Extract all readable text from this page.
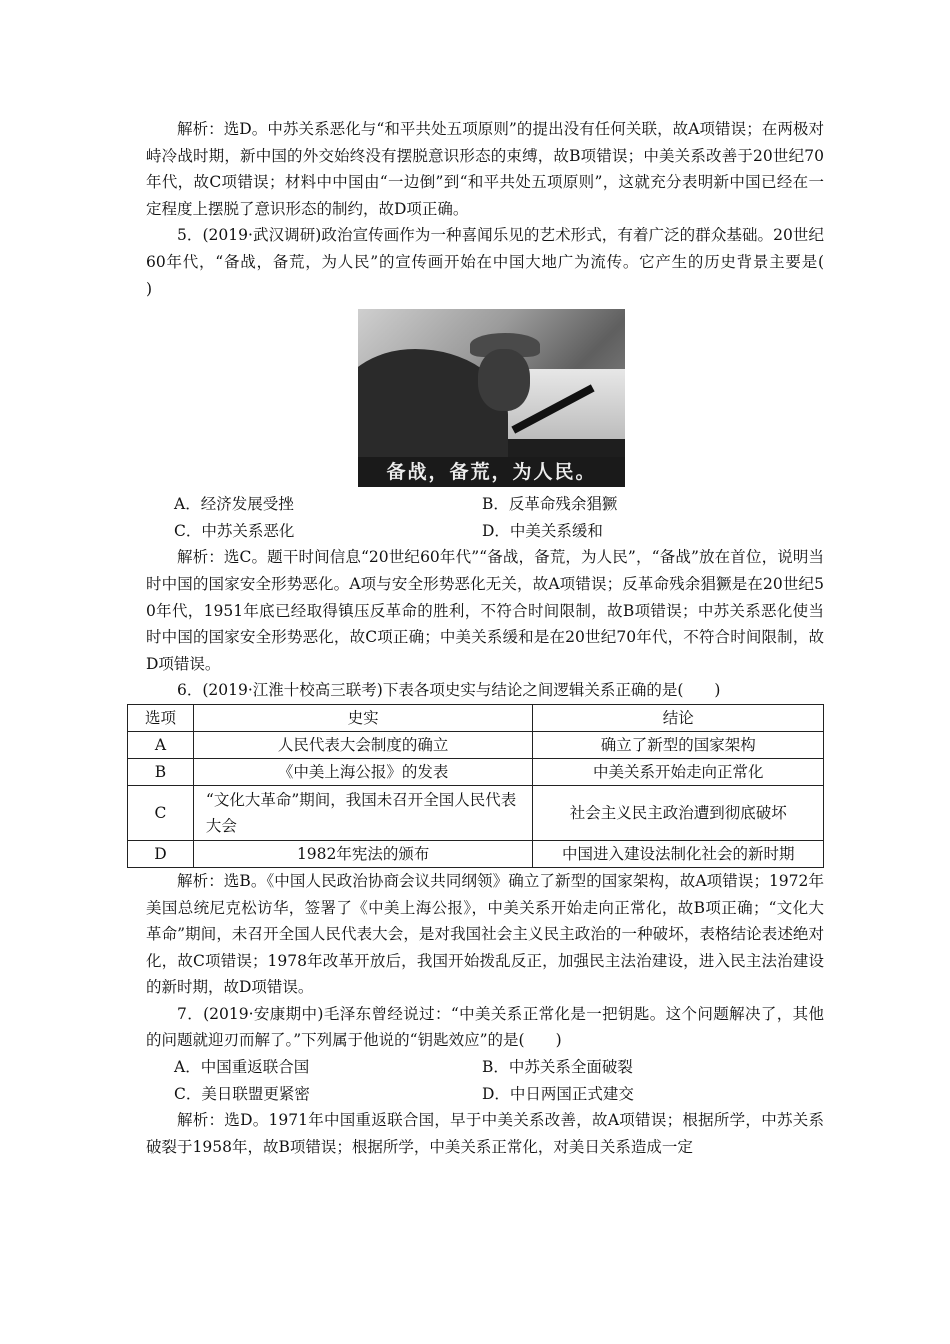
解析：选D。中苏关系恶化与“和平共处五项原则”的提出没有任何关联，故A项错误；在两极对峙冷战时期，新中国的外交始终没有摆脱意识形态的束缚，故B项错误；中美关系改善于20世纪70年代，故C项错误；材料中中国由“一边倒”到“和平共处五项原则”，这就充分表明新中国已经在一定程度上摆脱了意识形态的制约，故D项正确。

5．(2019·武汉调研)政治宣传画作为一种喜闻乐见的艺术形式，有着广泛的群众基础。20世纪60年代，“备战，备荒，为人民”的宣传画开始在中国大地广为流传。它产生的历史背景主要是(　　)

备战，备荒，为人民。
A．经济发展受挫	B．反革命残余猖獗
C．中苏关系恶化	D．中美关系缓和

解析：选C。题干时间信息“20世纪60年代”“备战，备荒，为人民”，“备战”放在首位，说明当时中国的国家安全形势恶化。A项与安全形势恶化无关，故A项错误；反革命残余猖獗是在20世纪50年代，1951年底已经取得镇压反革命的胜利，不符合时间限制，故B项错误；中苏关系恶化使当时中国的国家安全形势恶化，故C项正确；中美关系缓和是在20世纪70年代，不符合时间限制，故D项错误。

6．(2019·江淮十校高三联考)下表各项史实与结论之间逻辑关系正确的是(　　)

选项	史实	结论
A	人民代表大会制度的确立	确立了新型的国家架构
B	《中美上海公报》的发表	中美关系开始走向正常化
C	“文化大革命”期间，我国未召开全国人民代表大会	社会主义民主政治遭到彻底破坏
D	1982年宪法的颁布	中国进入建设法制化社会的新时期

解析：选B。《中国人民政治协商会议共同纲领》确立了新型的国家架构，故A项错误；1972年美国总统尼克松访华，签署了《中美上海公报》，中美关系开始走向正常化，故B项正确；“文化大革命”期间，未召开全国人民代表大会，是对我国社会主义民主政治的一种破坏，表格结论表述绝对化，故C项错误；1978年改革开放后，我国开始拨乱反正，加强民主法治建设，进入民主法治建设的新时期，故D项错误。

7．(2019·安康期中)毛泽东曾经说过：“中美关系正常化是一把钥匙。这个问题解决了，其他的问题就迎刃而解了。”下列属于他说的“钥匙效应”的是(　　)

A．中国重返联合国	B．中苏关系全面破裂
C．美日联盟更紧密	D．中日两国正式建交

解析：选D。1971年中国重返联合国，早于中美关系改善，故A项错误；根据所学，中苏关系破裂于1958年，故B项错误；根据所学，中美关系正常化，对美日关系造成一定
